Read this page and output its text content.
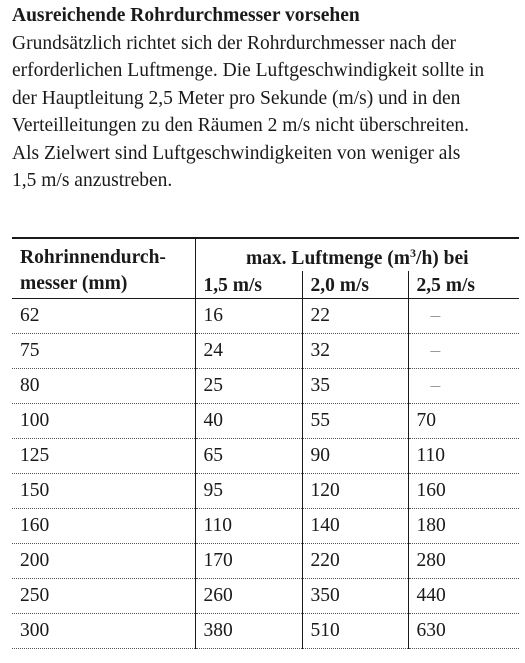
Ausreichende Rohrdurchmesser vorsehen
Grundsätzlich richtet sich der Rohrdurchmesser nach der
erforderlichen Luftmenge. Die Luftgeschwindigkeit sollte in
der Hauptleitung 2,5 Meter pro Sekunde (m/s) und in den
Verteilleitungen zu den Räumen 2 m/s nicht überschreiten.
Als Zielwert sind Luftgeschwindigkeiten von weniger als
1,5 m/s anzustreben.
Rohrinnendurch-
messer (mm)	max. Luftmenge $(m^3/h)$ bei		
	1,5 m/s	2,0 m/s	2,5 m/s
62	16	22	–
75	24	32	–
80	25	35	–
100	40	55	70
125	65	90	110
150	95	120	160
160	110	140	180
200	170	220	280
250	260	350	440
300	380	510	630
